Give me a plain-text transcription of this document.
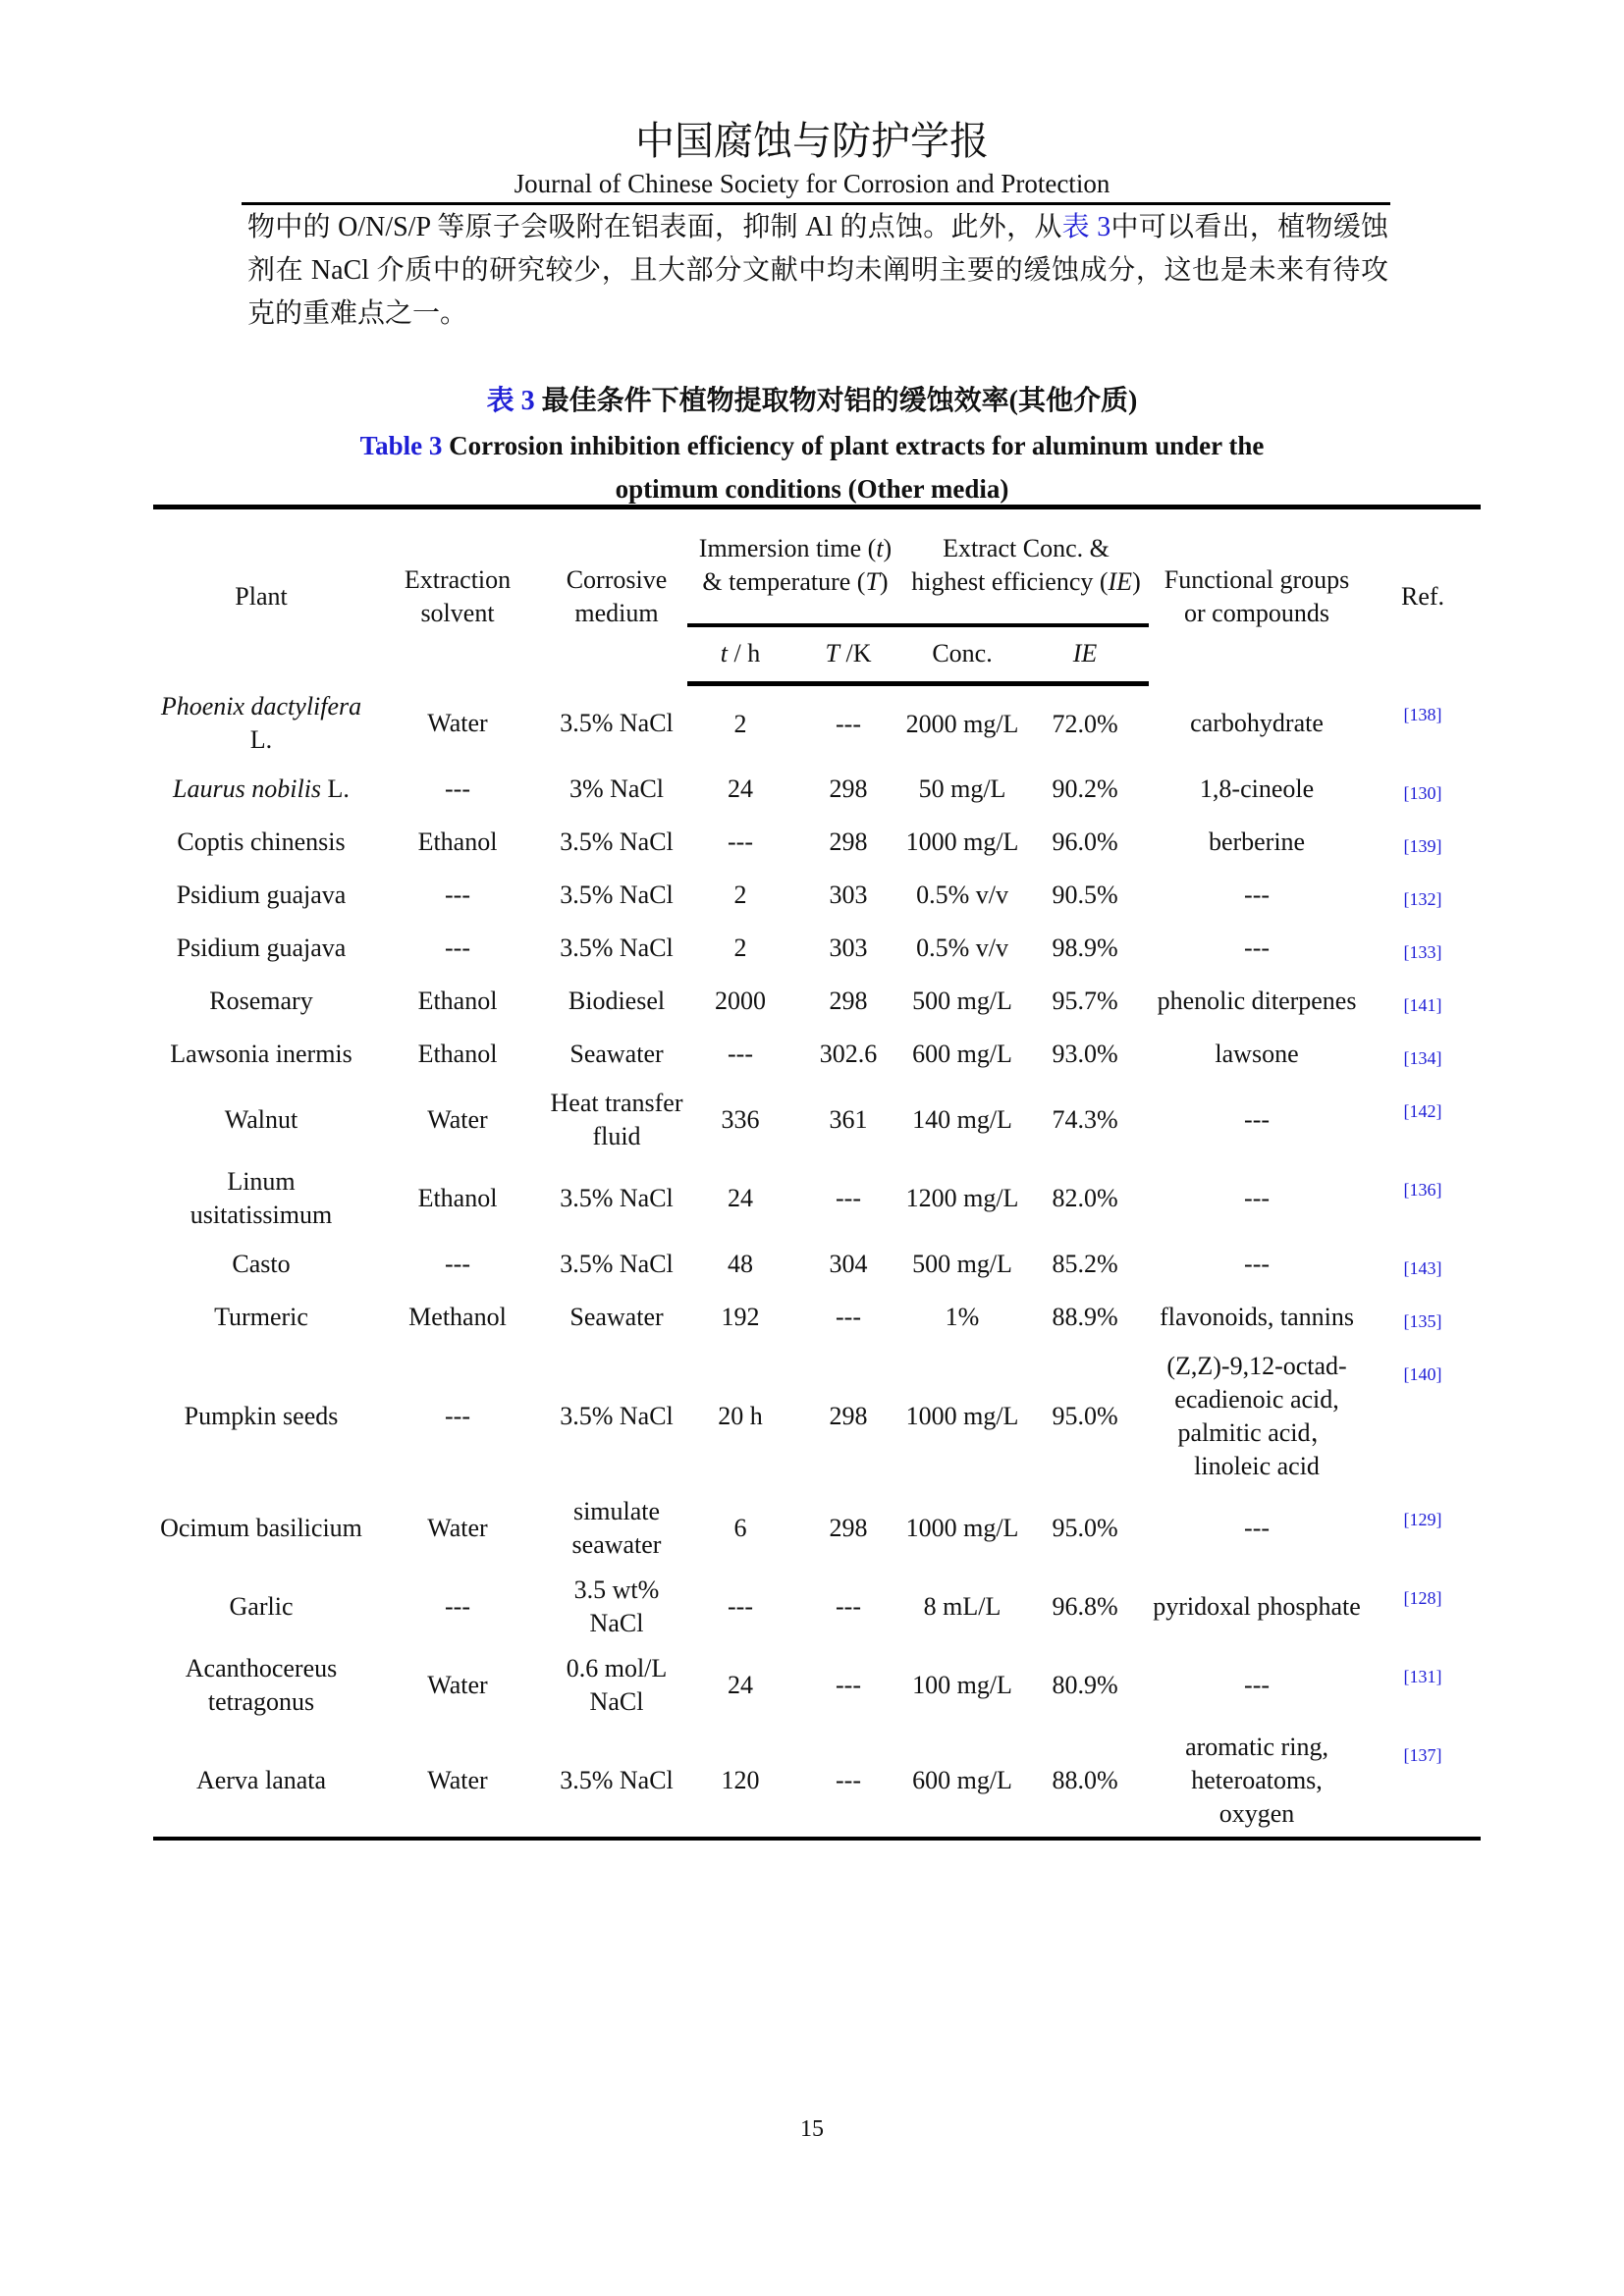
中国腐蚀与防护学报
Journal of Chinese Society for Corrosion and Protection
物中的 O/N/S/P 等原子会吸附在铝表面，抑制 Al 的点蚀。此外，从表 3中可以看出，植物缓蚀剂在 NaCl 介质中的研究较少，且大部分文献中均未阐明主要的缓蚀成分，这也是未来有待攻克的重难点之一。
表 3 最佳条件下植物提取物对铝的缓蚀效率(其他介质)
Table 3 Corrosion inhibition efficiency of plant extracts for aluminum under the optimum conditions (Other media)
Plant	Extraction solvent	Corrosive medium	Immersion time (t) & temperature (T)		Extract Conc. & highest efficiency (IE)		Functional groups or compounds	Ref.
			t / h	T /K	Conc.	IE		
Phoenix dactylifera L.	Water	3.5% NaCl	2	---	2000 mg/L	72.0%	carbohydrate	[138]
Laurus nobilis L.	---	3% NaCl	24	298	50 mg/L	90.2%	1,8-cineole	[130]
Coptis chinensis	Ethanol	3.5% NaCl	---	298	1000 mg/L	96.0%	berberine	[139]
Psidium guajava	---	3.5% NaCl	2	303	0.5% v/v	90.5%	---	[132]
Psidium guajava	---	3.5% NaCl	2	303	0.5% v/v	98.9%	---	[133]
Rosemary	Ethanol	Biodiesel	2000	298	500 mg/L	95.7%	phenolic diterpenes	[141]
Lawsonia inermis	Ethanol	Seawater	---	302.6	600 mg/L	93.0%	lawsone	[134]
Walnut	Water	Heat transfer fluid	336	361	140 mg/L	74.3%	---	[142]
Linum usitatissimum	Ethanol	3.5% NaCl	24	---	1200 mg/L	82.0%	---	[136]
Casto	---	3.5% NaCl	48	304	500 mg/L	85.2%	---	[143]
Turmeric	Methanol	Seawater	192	---	1%	88.9%	flavonoids, tannins	[135]
Pumpkin seeds	---	3.5% NaCl	20 h	298	1000 mg/L	95.0%	(Z,Z)-9,12-octad-ecadienoic acid, palmitic acid，linoleic acid	[140]
Ocimum basilicium	Water	simulate seawater	6	298	1000 mg/L	95.0%	---	[129]
Garlic	---	3.5 wt% NaCl	---	---	8 mL/L	96.8%	pyridoxal phosphate	[128]
Acanthocereus tetragonus	Water	0.6 mol/L NaCl	24	---	100 mg/L	80.9%	---	[131]
Aerva lanata	Water	3.5% NaCl	120	---	600 mg/L	88.0%	aromatic ring, heteroatoms, oxygen	[137]
15
